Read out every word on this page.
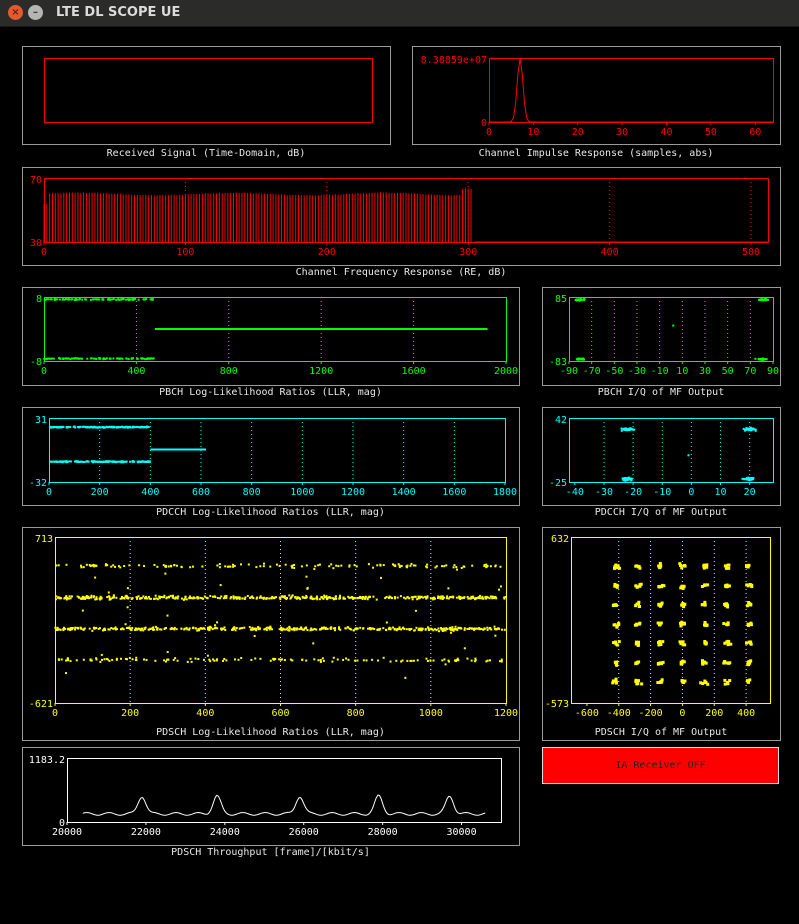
×	–	LTE DL SCOPE UE
Received Signal (Time-Domain, dB)	Channel Impulse Response (samples, abs)
8.38859e+07
0
0	10	20	30	40	50	60
Channel Frequency Response (RE, dB)
70
30
0	100	200	300	400	500
PBCH Log-Likelihood Ratios (LLR, mag)
8
-8
0	400	800	1200	1600	2000
PBCH I/Q of MF Output
85
-83
-90 -70 -50 -30 -10 10 30 50 70 90
PDCCH Log-Likelihood Ratios (LLR, mag)
31
-32
0	200	400	600	800	1000	1200	1400	1600	1800
PDCCH I/Q of MF Output
42
-25
-40 -30 -20 -10 0 10 20
PDSCH Log-Likelihood Ratios (LLR, mag)
713
-621
0	200	400	600	800	1000	1200
PDSCH I/Q of MF Output
632
-573
-600 -400 -200 0 200 400
PDSCH Throughput [frame]/[kbit/s]
1183.2
0
20000	22000	24000	26000	28000	30000
IA Receiver OFF
